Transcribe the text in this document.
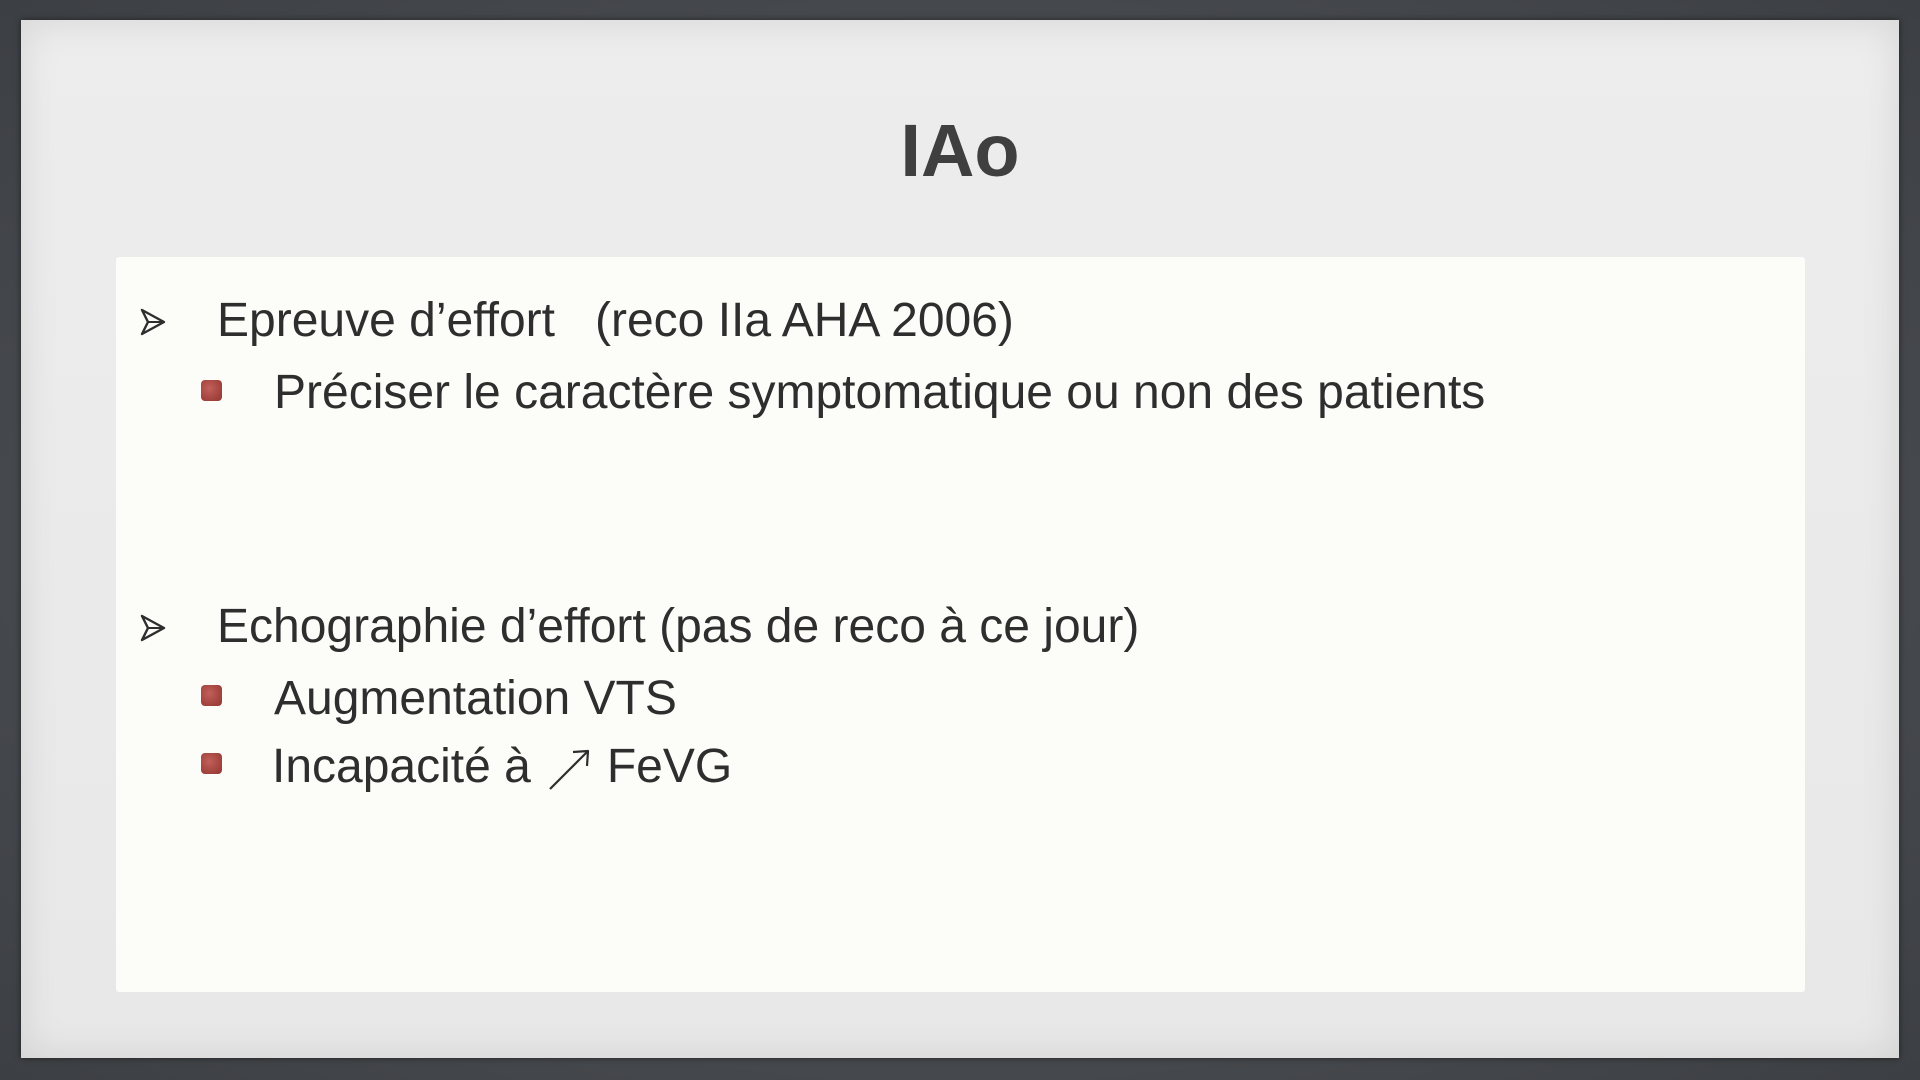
IAo
Epreuve d’effort (reco IIa AHA 2006)
Préciser le caractère symptomatique ou non des patients
Echographie d’effort (pas de reco à ce jour)
Augmentation VTS
Incapacité à FeVG
